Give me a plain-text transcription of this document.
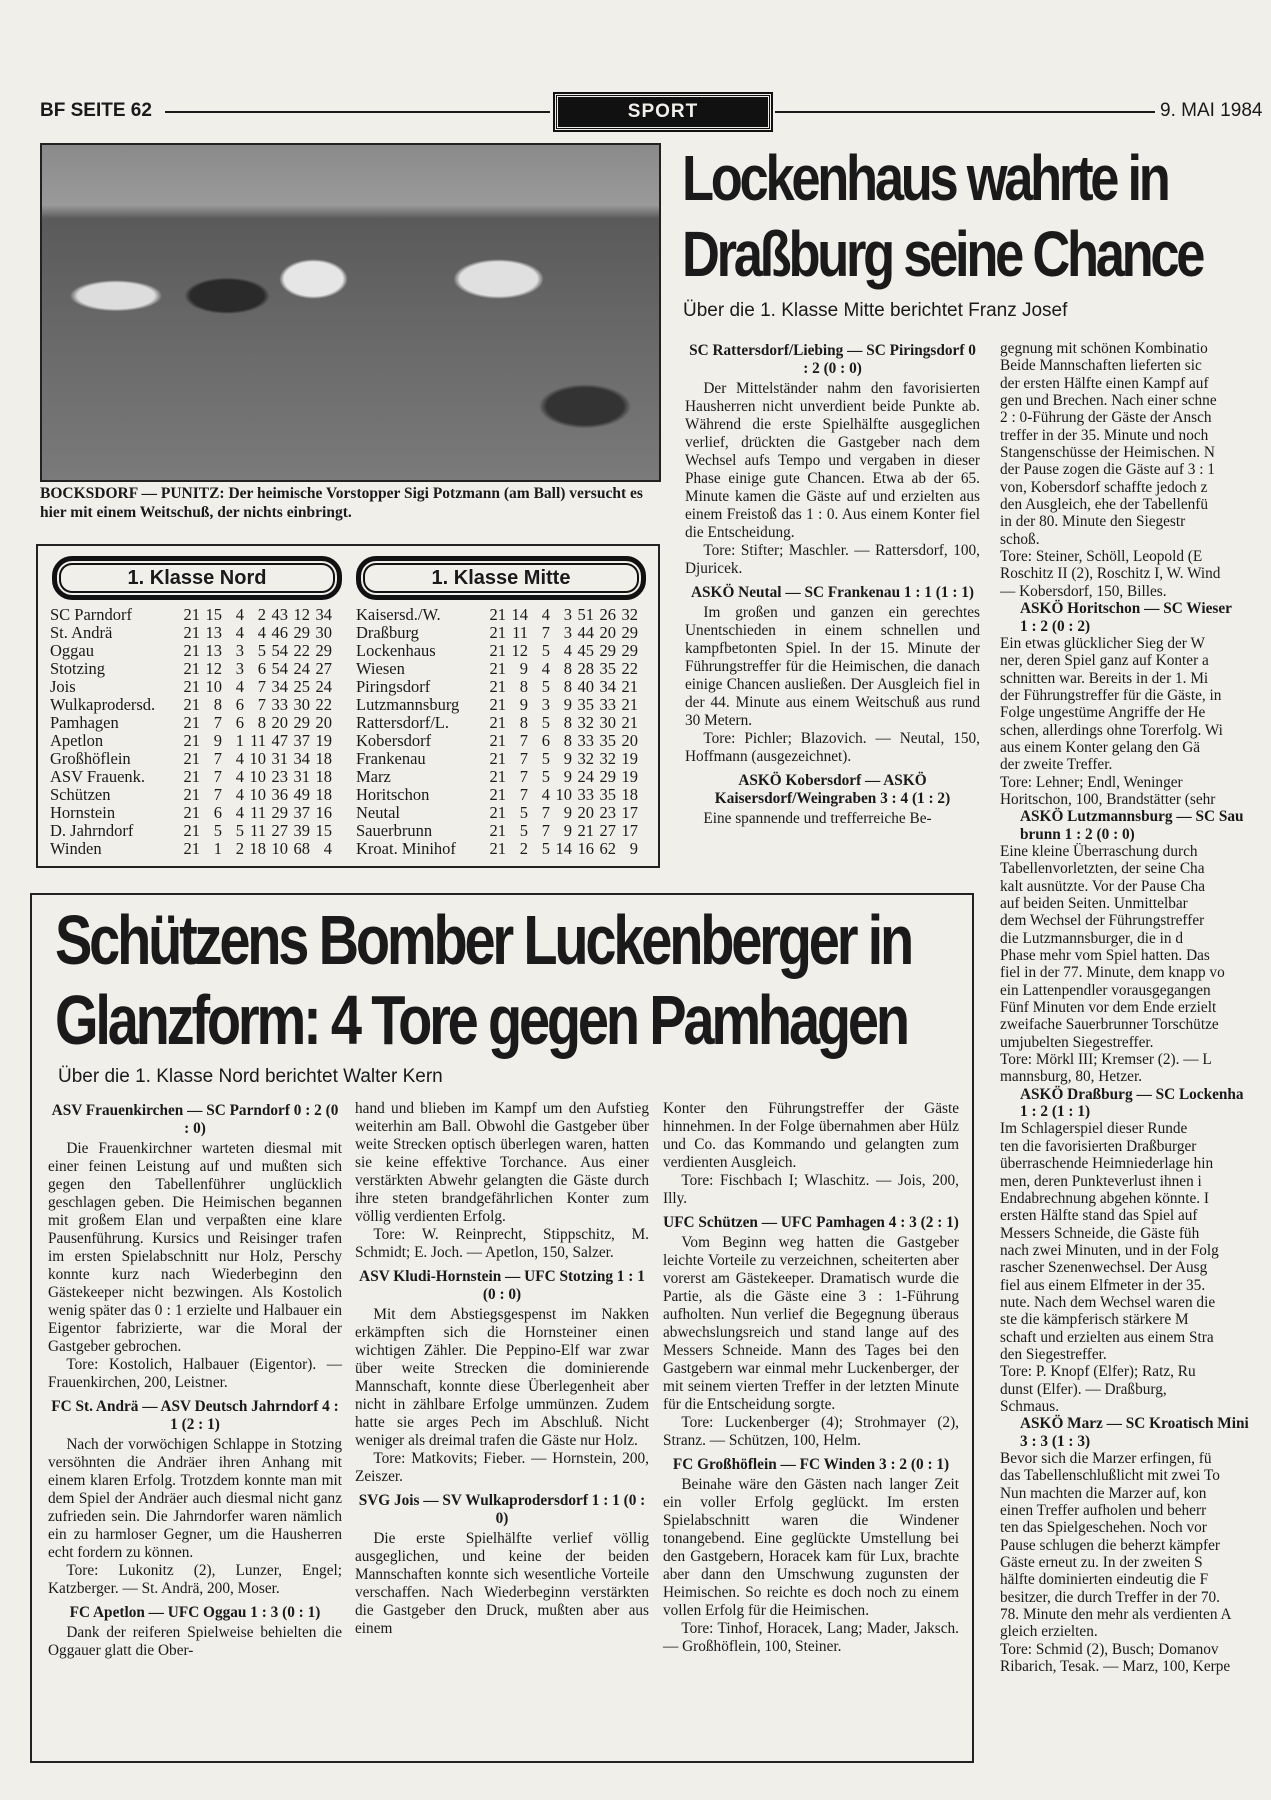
BF SEITE 62	SPORT	9. MAI 1984
BOCKSDORF — PUNITZ: Der heimische Vorstopper Sigi Potzmann (am Ball) versucht es hier mit einem Weitschuß, der nichts einbringt.
Lockenhaus wahrte in
Draßburg seine Chance
Über die 1. Klasse Mitte berichtet Franz Josef
SC Rattersdorf/Liebing — SC Piringsdorf 0 : 2 (0 : 0)
Der Mittelständer nahm den favorisierten Hausherren nicht unverdient beide Punkte ab. Während die erste Spielhälfte ausgeglichen verlief, drückten die Gastgeber nach dem Wechsel aufs Tempo und vergaben in dieser Phase einige gute Chancen. Etwa ab der 65. Minute kamen die Gäste auf und erzielten aus einem Freistoß das 1 : 0. Aus einem Konter fiel die Entscheidung.
Tore: Stifter; Maschler. — Rattersdorf, 100, Djuricek.
ASKÖ Neutal — SC Frankenau 1 : 1 (1 : 1)
Im großen und ganzen ein gerechtes Unentschieden in einem schnellen und kampfbetonten Spiel. In der 15. Minute der Führungstreffer für die Heimischen, die danach einige Chancen ausließen. Der Ausgleich fiel in der 44. Minute aus einem Weitschuß aus rund 30 Metern.
Tore: Pichler; Blazovich. — Neutal, 150, Hoffmann (ausgezeichnet).
ASKÖ Kobersdorf — ASKÖ Kaisersdorf/Weingraben 3 : 4 (1 : 2)
Eine spannende und trefferreiche Be-
gegnung mit schönen Kombinatio
Beide Mannschaften lieferten sic
der ersten Hälfte einen Kampf auf
gen und Brechen. Nach einer schne
2 : 0-Führung der Gäste der Ansch
treffer in der 35. Minute und noch
Stangenschüsse der Heimischen. N
der Pause zogen die Gäste auf 3 : 1
von, Kobersdorf schaffte jedoch z
den Ausgleich, ehe der Tabellenfü
in der 80. Minute den Siegestr
schoß.
Tore: Steiner, Schöll, Leopold (E
Roschitz II (2), Roschitz I, W. Wind
— Kobersdorf, 150, Billes.
ASKÖ Horitschon — SC Wieser
1 : 2 (0 : 2)
Ein etwas glücklicher Sieg der W
ner, deren Spiel ganz auf Konter a
schnitten war. Bereits in der 1. Mi
der Führungstreffer für die Gäste, in
Folge ungestüme Angriffe der He
schen, allerdings ohne Torerfolg. Wi
aus einem Konter gelang den Gä
der zweite Treffer.
Tore: Lehner; Endl, Weninger
Horitschon, 100, Brandstätter (sehr
ASKÖ Lutzmannsburg — SC Sau
brunn 1 : 2 (0 : 0)
Eine kleine Überraschung durch
Tabellenvorletzten, der seine Cha
kalt ausnützte. Vor der Pause Cha
auf beiden Seiten. Unmittelbar
dem Wechsel der Führungstreffer
die Lutzmannsburger, die in d
Phase mehr vom Spiel hatten. Das
fiel in der 77. Minute, dem knapp vo
ein Lattenpendler vorausgegangen
Fünf Minuten vor dem Ende erzielt
zweifache Sauerbrunner Torschütze
umjubelten Siegestreffer.
Tore: Mörkl III; Kremser (2). — L
mannsburg, 80, Hetzer.
ASKÖ Draßburg — SC Lockenha
1 : 2 (1 : 1)
Im Schlagerspiel dieser Runde
ten die favorisierten Draßburger
überraschende Heimniederlage hin
men, deren Punkteverlust ihnen i
Endabrechnung abgehen könnte. I
ersten Hälfte stand das Spiel auf
Messers Schneide, die Gäste füh
nach zwei Minuten, und in der Folg
rascher Szenenwechsel. Der Ausg
fiel aus einem Elfmeter in der 35.
nute. Nach dem Wechsel waren die
ste die kämpferisch stärkere M
schaft und erzielten aus einem Stra
den Siegestreffer.
Tore: P. Knopf (Elfer); Ratz, Ru
dunst (Elfer). — Draßburg,
Schmaus.
ASKÖ Marz — SC Kroatisch Mini
3 : 3 (1 : 3)
Bevor sich die Marzer erfingen, fü
das Tabellenschlußlicht mit zwei To
Nun machten die Marzer auf, kon
einen Treffer aufholen und beherr
ten das Spielgeschehen. Noch vor
Pause schlugen die beherzt kämpfer
Gäste erneut zu. In der zweiten S
hälfte dominierten eindeutig die F
besitzer, die durch Treffer in der 70.
78. Minute den mehr als verdienten A
gleich erzielten.
Tore: Schmid (2), Busch; Domanov
Ribarich, Tesak. — Marz, 100, Kerpe
1. Klasse Nord	1. Klasse Mitte
SC Parndorf	21	15	4	2	43	12	34
St. Andrä	21	13	4	4	46	29	30
Oggau	21	13	3	5	54	22	29
Stotzing	21	12	3	6	54	24	27
Jois	21	10	4	7	34	25	24
Wulkaprodersd.	21	8	6	7	33	30	22
Pamhagen	21	7	6	8	20	29	20
Apetlon	21	9	1	11	47	37	19
Großhöflein	21	7	4	10	31	34	18
ASV Frauenk.	21	7	4	10	23	31	18
Schützen	21	7	4	10	36	49	18
Hornstein	21	6	4	11	29	37	16
D. Jahrndorf	21	5	5	11	27	39	15
Winden	21	1	2	18	10	68	4
Kaisersd./W.	21	14	4	3	51	26	32
Draßburg	21	11	7	3	44	20	29
Lockenhaus	21	12	5	4	45	29	29
Wiesen	21	9	4	8	28	35	22
Piringsdorf	21	8	5	8	40	34	21
Lutzmannsburg	21	9	3	9	35	33	21
Rattersdorf/L.	21	8	5	8	32	30	21
Kobersdorf	21	7	6	8	33	35	20
Frankenau	21	7	5	9	32	32	19
Marz	21	7	5	9	24	29	19
Horitschon	21	7	4	10	33	35	18
Neutal	21	5	7	9	20	23	17
Sauerbrunn	21	5	7	9	21	27	17
Kroat. Minihof	21	2	5	14	16	62	9
Schützens Bomber Luckenberger in
Glanzform: 4 Tore gegen Pamhagen
Über die 1. Klasse Nord berichtet Walter Kern
ASV Frauenkirchen — SC Parndorf 0 : 2 (0 : 0)
Die Frauenkirchner warteten diesmal mit einer feinen Leistung auf und mußten sich gegen den Tabellenführer unglücklich geschlagen geben. Die Heimischen begannen mit großem Elan und verpaßten eine klare Pausenführung. Kursics und Reisinger trafen im ersten Spielabschnitt nur Holz, Perschy konnte kurz nach Wiederbeginn den Gästekeeper nicht bezwingen. Als Kostolich wenig später das 0 : 1 erzielte und Halbauer ein Eigentor fabrizierte, war die Moral der Gastgeber gebrochen.
Tore: Kostolich, Halbauer (Eigentor). — Frauenkirchen, 200, Leistner.
FC St. Andrä — ASV Deutsch Jahrndorf 4 : 1 (2 : 1)
Nach der vorwöchigen Schlappe in Stotzing versöhnten die Andräer ihren Anhang mit einem klaren Erfolg. Trotzdem konnte man mit dem Spiel der Andräer auch diesmal nicht ganz zufrieden sein. Die Jahrndorfer waren nämlich ein zu harmloser Gegner, um die Hausherren echt fordern zu können.
Tore: Lukonitz (2), Lunzer, Engel; Katzberger. — St. Andrä, 200, Moser.
FC Apetlon — UFC Oggau 1 : 3 (0 : 1)
Dank der reiferen Spielweise behielten die Oggauer glatt die Ober-
hand und blieben im Kampf um den Aufstieg weiterhin am Ball. Obwohl die Gastgeber über weite Strecken optisch überlegen waren, hatten sie keine effektive Torchance. Aus einer verstärkten Abwehr gelangten die Gäste durch ihre steten brandgefährlichen Konter zum völlig verdienten Erfolg.
Tore: W. Reinprecht, Stippschitz, M. Schmidt; E. Joch. — Apetlon, 150, Salzer.
ASV Kludi-Hornstein — UFC Stotzing 1 : 1 (0 : 0)
Mit dem Abstiegsgespenst im Nakken erkämpften sich die Hornsteiner einen wichtigen Zähler. Die Peppino-Elf war zwar über weite Strecken die dominierende Mannschaft, konnte diese Überlegenheit aber nicht in zählbare Erfolge ummünzen. Zudem hatte sie arges Pech im Abschluß. Nicht weniger als dreimal trafen die Gäste nur Holz.
Tore: Matkovits; Fieber. — Hornstein, 200, Zeiszer.
SVG Jois — SV Wulkaprodersdorf 1 : 1 (0 : 0)
Die erste Spielhälfte verlief völlig ausgeglichen, und keine der beiden Mannschaften konnte sich wesentliche Vorteile verschaffen. Nach Wiederbeginn verstärkten die Gastgeber den Druck, mußten aber aus einem
Konter den Führungstreffer der Gäste hinnehmen. In der Folge übernahmen aber Hülz und Co. das Kommando und gelangten zum verdienten Ausgleich.
Tore: Fischbach I; Wlaschitz. — Jois, 200, Illy.
UFC Schützen — UFC Pamhagen 4 : 3 (2 : 1)
Vom Beginn weg hatten die Gastgeber leichte Vorteile zu verzeichnen, scheiterten aber vorerst am Gästekeeper. Dramatisch wurde die Partie, als die Gäste eine 3 : 1-Führung aufholten. Nun verlief die Begegnung überaus abwechslungsreich und stand lange auf des Messers Schneide. Mann des Tages bei den Gastgebern war einmal mehr Luckenberger, der mit seinem vierten Treffer in der letzten Minute für die Entscheidung sorgte.
Tore: Luckenberger (4); Strohmayer (2), Stranz. — Schützen, 100, Helm.
FC Großhöflein — FC Winden 3 : 2 (0 : 1)
Beinahe wäre den Gästen nach langer Zeit ein voller Erfolg geglückt. Im ersten Spielabschnitt waren die Windener tonangebend. Eine geglückte Umstellung bei den Gastgebern, Horacek kam für Lux, brachte aber dann den Umschwung zugunsten der Heimischen. So reichte es doch noch zu einem vollen Erfolg für die Heimischen.
Tore: Tinhof, Horacek, Lang; Mader, Jaksch. — Großhöflein, 100, Steiner.
